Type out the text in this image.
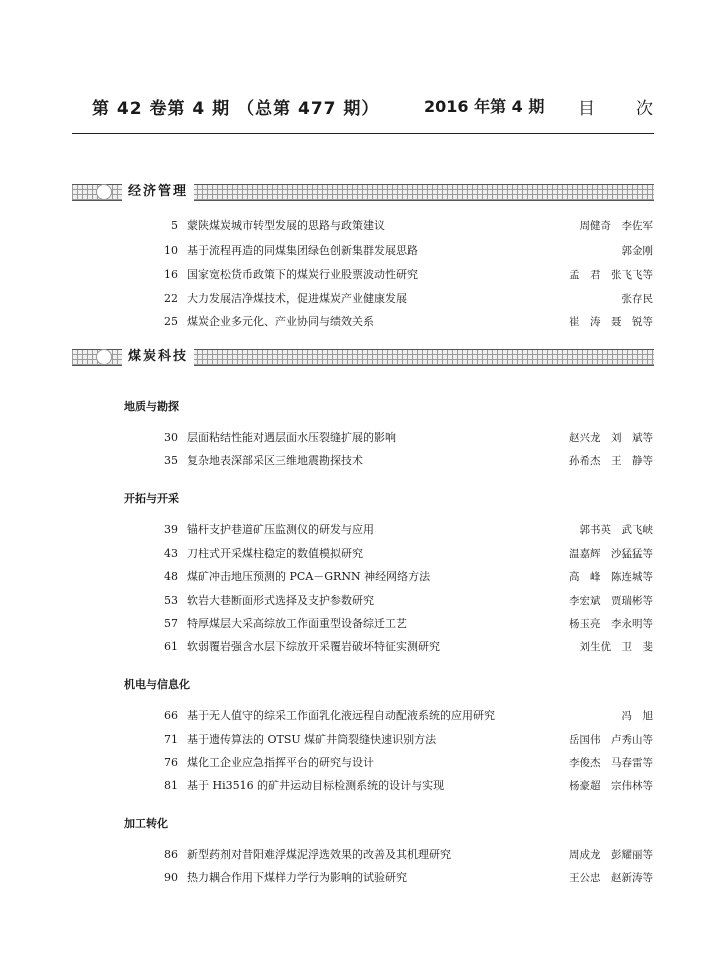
第 42 卷第 4 期 （总第 477 期）	2016 年第 4 期 目 次
经济管理
5 蒙陕煤炭城市转型发展的思路与政策建议	周健奇　李佐军
10 基于流程再造的同煤集团绿色创新集群发展思路	郭金刚
16 国家宽松货币政策下的煤炭行业股票波动性研究	孟　君　张飞飞等
22 大力发展洁净煤技术，促进煤炭产业健康发展	张存民
25 煤炭企业多元化、产业协同与绩效关系	崔　涛　聂　锐等
煤炭科技
地质与勘探
30 层面粘结性能对遇层面水压裂缝扩展的影响	赵兴龙　刘　斌等
35 复杂地表深部采区三维地震勘探技术	孙希杰　王　静等
开拓与开采
39 锚杆支护巷道矿压监测仪的研发与应用	郭书英　武飞峡
43 刀柱式开采煤柱稳定的数值模拟研究	温嘉辉　沙猛猛等
48 煤矿冲击地压预测的 PCA－GRNN 神经网络方法	高　峰　陈连城等
53 软岩大巷断面形式选择及支护参数研究	李宏斌　贾瑞彬等
57 特厚煤层大采高综放工作面重型设备综迁工艺	杨玉亮　李永明等
61 软弱覆岩强含水层下综放开采覆岩破坏特征实测研究	刘生优　卫　斐
机电与信息化
66 基于无人值守的综采工作面乳化液远程自动配液系统的应用研究	冯　旭
71 基于遗传算法的 OTSU 煤矿井筒裂缝快速识别方法	岳国伟　卢秀山等
76 煤化工企业应急指挥平台的研究与设计	李俊杰　马春雷等
81 基于 Hi3516 的矿井运动目标检测系统的设计与实现	杨豪超　宗伟林等
加工转化
86 新型药剂对昔阳难浮煤泥浮选效果的改善及其机理研究	周成龙　彭耀丽等
90 热力耦合作用下煤样力学行为影响的试验研究	王公忠　赵新涛等
